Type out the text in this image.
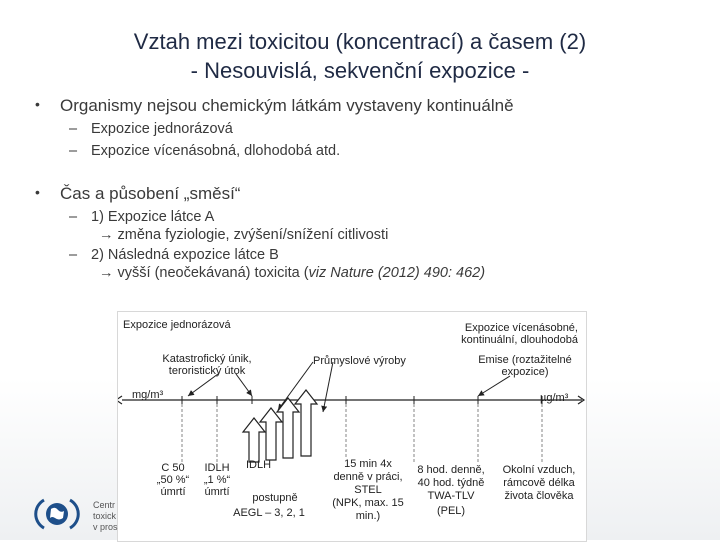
Vztah mezi toxicitou (koncentrací) a časem (2)
- Nesouvislá, sekvenční expozice -
• Organismy nejsou chemickým látkám vystaveny kontinuálně
– Expozice jednorázová
– Expozice vícenásobná, dlohodobá atd.
• Čas a působení „směsí“
– 1) Expozice látce A
→ změna fyziologie, zvýšení/snížení citlivosti
– 2) Následná expozice látce B
→ vyšší (neočekávaná) toxicita (viz Nature (2012) 490: 462)
Expozice jednorázová	Expozice vícenásobné,
kontinuální, dlouhodobá
Katastrofický únik,
teroristický útok
Průmyslové výroby	Emise (roztažitelné
expozice)
mg/m³	µg/m³
C 50
„50 %“
úmrtí
IDLH
„1 %“
úmrtí
IDLH
postupně
AEGL – 3, 2, 1
15 min 4x
denně v práci,
STEL
(NPK, max. 15
min.)
8 hod. denně,
40 hod. týdně
TWA-TLV
(PEL)
Okolní vzduch,
rámcově délka
života člověka
Centr
toxick
v pros
